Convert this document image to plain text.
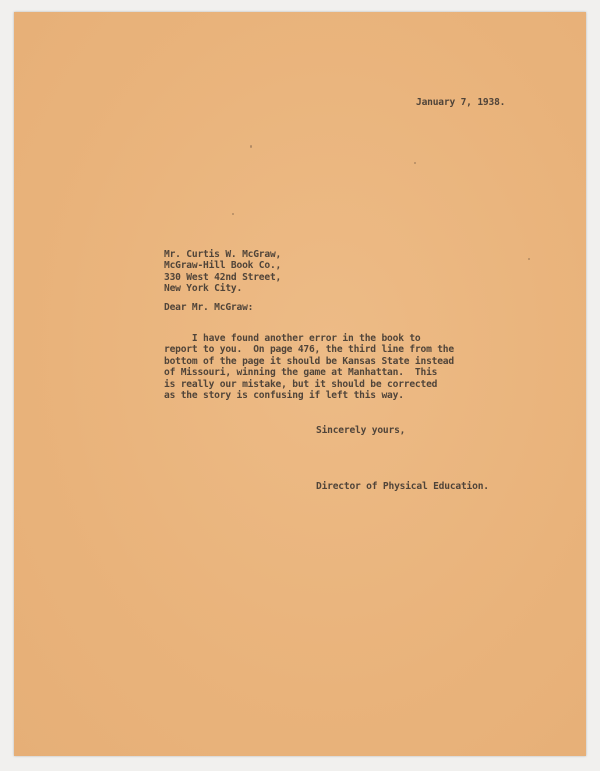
January 7, 1938.
Mr. Curtis W. McGraw,
McGraw-Hill Book Co.,
330 West 42nd Street,
New York City.
Dear Mr. McGraw:
I have found another error in the book to
report to you.  On page 476, the third line from the
bottom of the page it should be Kansas State instead
of Missouri, winning the game at Manhattan.  This
is really our mistake, but it should be corrected
as the story is confusing if left this way.
Sincerely yours,
Director of Physical Education.
